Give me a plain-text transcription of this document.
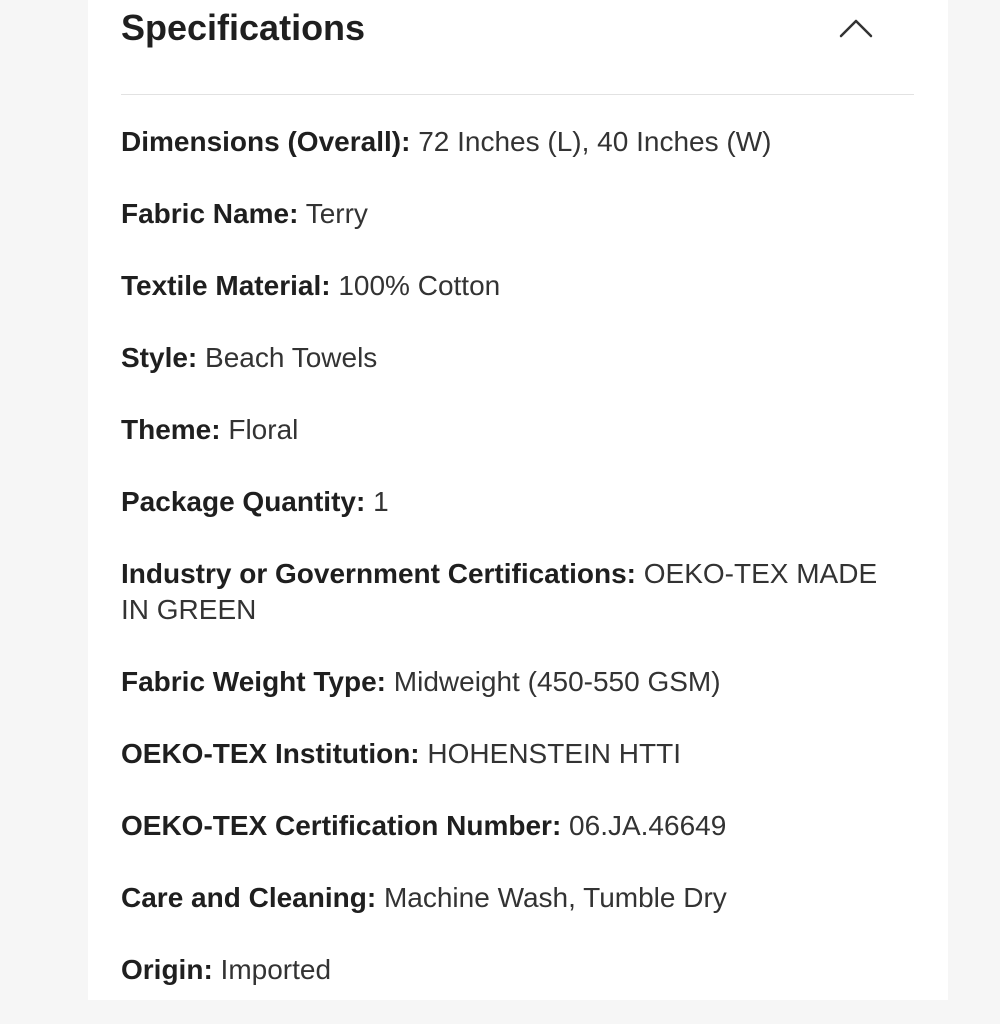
Specifications
Dimensions (Overall): 72 Inches (L), 40 Inches (W)
Fabric Name: Terry
Textile Material: 100% Cotton
Style: Beach Towels
Theme: Floral
Package Quantity: 1
Industry or Government Certifications: OEKO-TEX MADE IN GREEN
Fabric Weight Type: Midweight (450-550 GSM)
OEKO-TEX Institution: HOHENSTEIN HTTI
OEKO-TEX Certification Number: 06.JA.46649
Care and Cleaning: Machine Wash, Tumble Dry
Origin: Imported
